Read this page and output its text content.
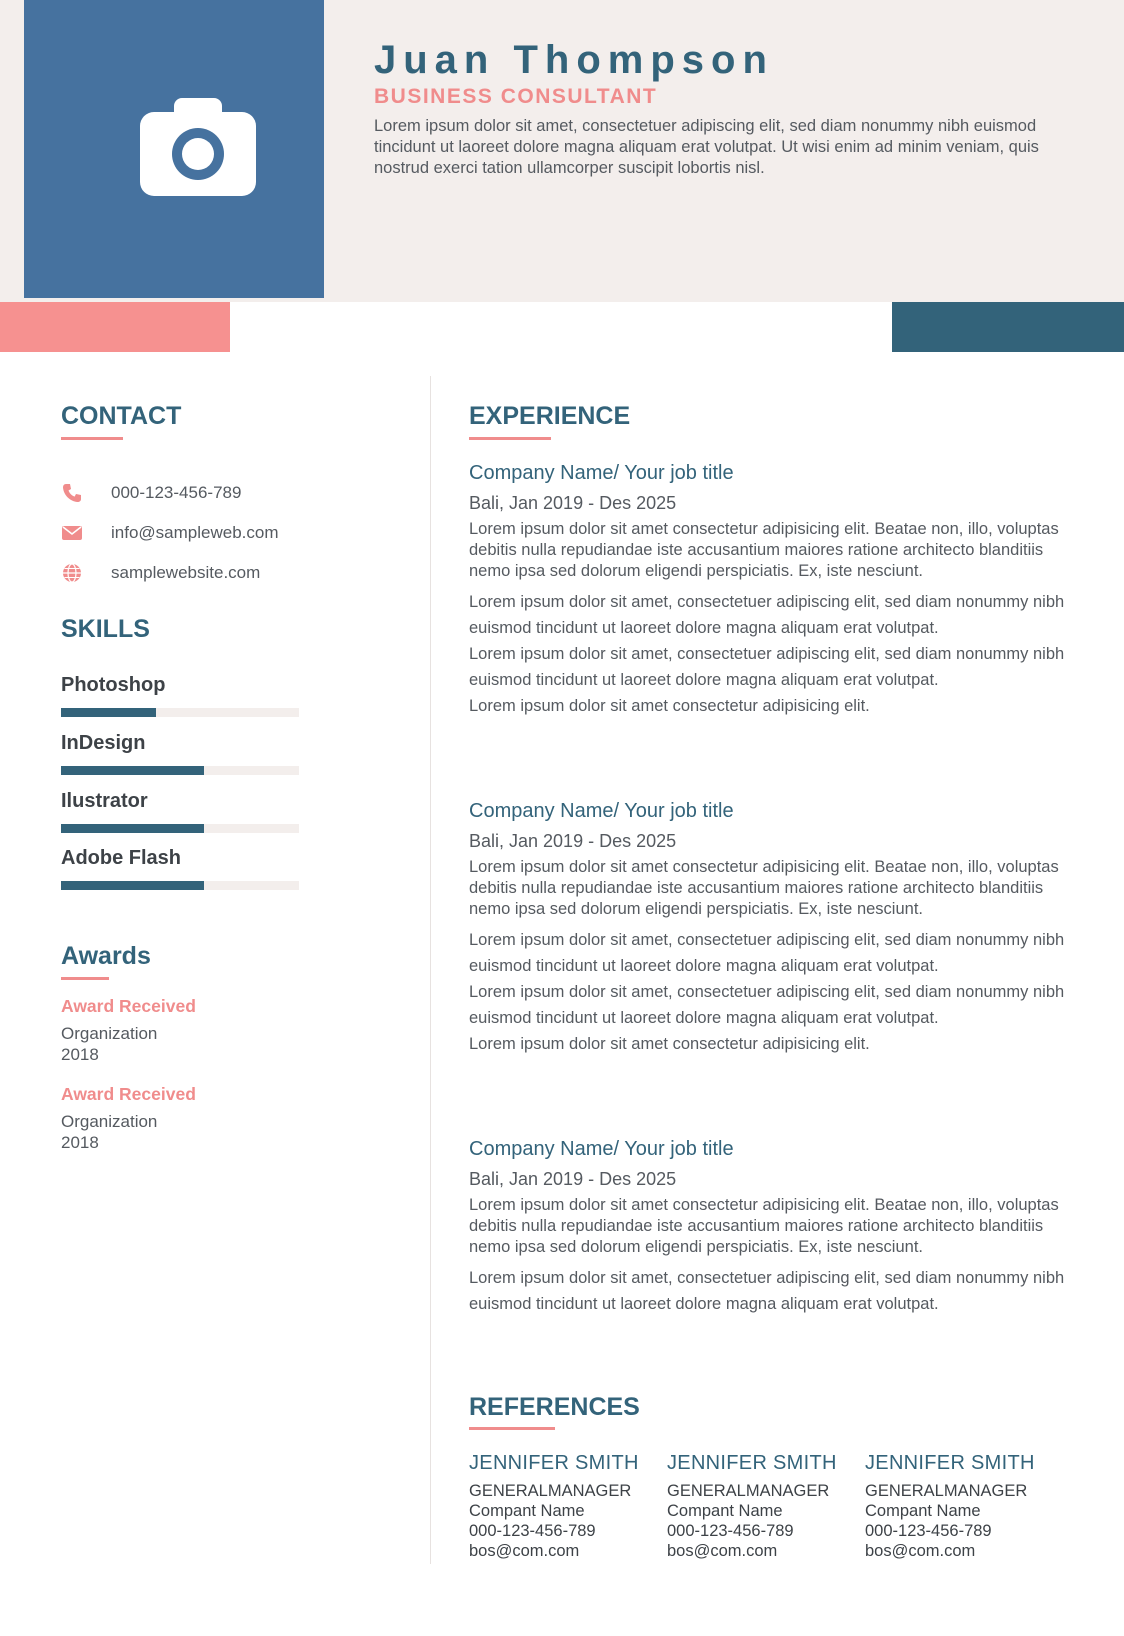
Juan Thompson
BUSINESS CONSULTANT
Lorem ipsum dolor sit amet, consectetuer adipiscing elit, sed diam nonummy nibh euismod tincidunt ut laoreet dolore magna aliquam erat volutpat. Ut wisi enim ad minim veniam, quis nostrud exerci tation ullamcorper suscipit lobortis nisl.
CONTACT
000-123-456-789
info@sampleweb.com
samplewebsite.com
SKILLS
Photoshop
InDesign
Ilustrator
Adobe Flash
Awards
Award Received
Organization
2018
Award Received
Organization
2018
EXPERIENCE
Company Name/ Your job title
Bali, Jan 2019 - Des 2025
Lorem ipsum dolor sit amet consectetur adipisicing elit. Beatae non, illo, voluptas debitis nulla repudiandae iste accusantium maiores ratione architecto blanditiis nemo ipsa sed dolorum eligendi perspiciatis. Ex, iste nesciunt.
Lorem ipsum dolor sit amet, consectetuer adipiscing elit, sed diam nonummy nibh euismod tincidunt ut laoreet dolore magna aliquam erat volutpat.
Lorem ipsum dolor sit amet, consectetuer adipiscing elit, sed diam nonummy nibh euismod tincidunt ut laoreet dolore magna aliquam erat volutpat.
Lorem ipsum dolor sit amet consectetur adipisicing elit.
Company Name/ Your job title
Bali, Jan 2019 - Des 2025
Lorem ipsum dolor sit amet consectetur adipisicing elit. Beatae non, illo, voluptas debitis nulla repudiandae iste accusantium maiores ratione architecto blanditiis nemo ipsa sed dolorum eligendi perspiciatis. Ex, iste nesciunt.
Lorem ipsum dolor sit amet, consectetuer adipiscing elit, sed diam nonummy nibh euismod tincidunt ut laoreet dolore magna aliquam erat volutpat.
Lorem ipsum dolor sit amet, consectetuer adipiscing elit, sed diam nonummy nibh euismod tincidunt ut laoreet dolore magna aliquam erat volutpat.
Lorem ipsum dolor sit amet consectetur adipisicing elit.
Company Name/ Your job title
Bali, Jan 2019 - Des 2025
Lorem ipsum dolor sit amet consectetur adipisicing elit. Beatae non, illo, voluptas debitis nulla repudiandae iste accusantium maiores ratione architecto blanditiis nemo ipsa sed dolorum eligendi perspiciatis. Ex, iste nesciunt.
Lorem ipsum dolor sit amet, consectetuer adipiscing elit, sed diam nonummy nibh euismod tincidunt ut laoreet dolore magna aliquam erat volutpat.
REFERENCES
JENNIFER SMITH
GENERALMANAGER
Compant Name
000-123-456-789
bos@com.com
JENNIFER SMITH
GENERALMANAGER
Compant Name
000-123-456-789
bos@com.com
JENNIFER SMITH
GENERALMANAGER
Compant Name
000-123-456-789
bos@com.com
